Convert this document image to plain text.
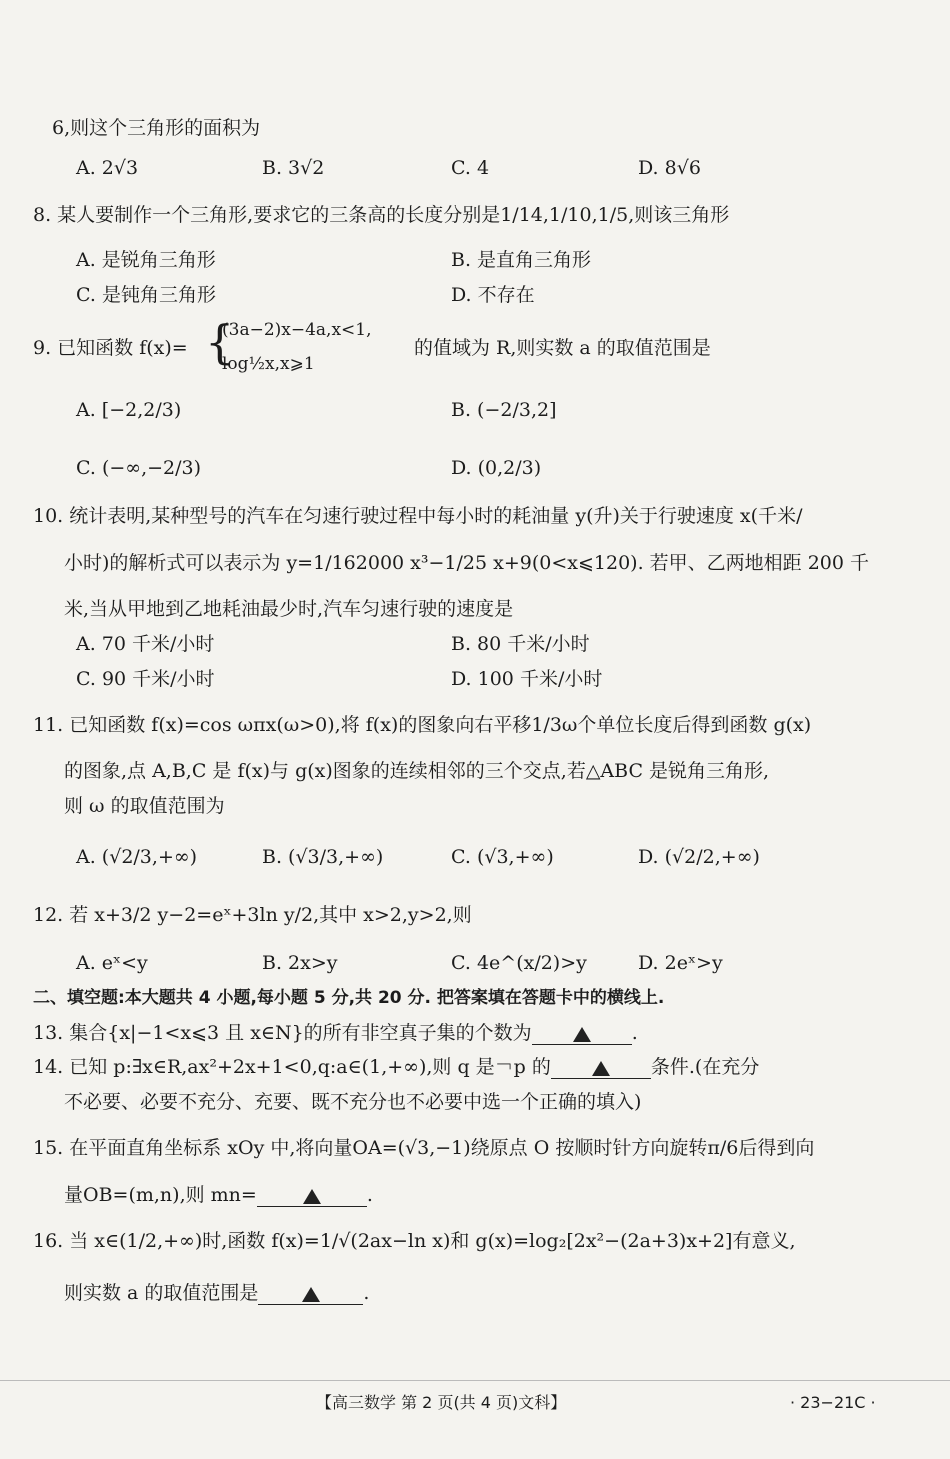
6,则这个三角形的面积为
A. 2√3	B. 3√2	C. 4	D. 8√6
8. 某人要制作一个三角形,要求它的三条高的长度分别是1/14,1/10,1/5,则该三角形
A. 是锐角三角形	B. 是直角三角形
C. 是钝角三角形	D. 不存在
9. 已知函数 f(x)= {
(3a−2)x−4a,x<1,
log½x,x⩾1
的值域为 R,则实数 a 的取值范围是
A. [−2,2/3)	B. (−2/3,2]
C. (−∞,−2/3)	D. (0,2/3)
10. 统计表明,某种型号的汽车在匀速行驶过程中每小时的耗油量 y(升)关于行驶速度 x(千米/
小时)的解析式可以表示为 y=1/162000 x³−1/25 x+9(0<x⩽120). 若甲、乙两地相距 200 千
米,当从甲地到乙地耗油最少时,汽车匀速行驶的速度是
A. 70 千米/小时	B. 80 千米/小时
C. 90 千米/小时	D. 100 千米/小时
11. 已知函数 f(x)=cos ωπx(ω>0),将 f(x)的图象向右平移1/3ω个单位长度后得到函数 g(x)
的图象,点 A,B,C 是 f(x)与 g(x)图象的连续相邻的三个交点,若△ABC 是锐角三角形,
则 ω 的取值范围为
A. (√2/3,+∞)	B. (√3/3,+∞)	C. (√3,+∞)	D. (√2/2,+∞)
12. 若 x+3/2 y−2=eˣ+3ln y/2,其中 x>2,y>2,则
A. eˣ<y	B. 2x>y	C. 4e^(x/2)>y	D. 2eˣ>y
二、填空题:本大题共 4 小题,每小题 5 分,共 20 分. 把答案填在答题卡中的横线上.
13. 集合{x|−1<x⩽3 且 x∈N}的所有非空真子集的个数为	.
14. 已知 p:∃x∈R,ax²+2x+1<0,q:a∈(1,+∞),则 q 是￢p 的	条件.(在充分
不必要、必要不充分、充要、既不充分也不必要中选一个正确的填入)
15. 在平面直角坐标系 xOy 中,将向量OA=(√3,−1)绕原点 O 按顺时针方向旋转π/6后得到向
量OB=(m,n),则 mn=	.
16. 当 x∈(1/2,+∞)时,函数 f(x)=1/√(2ax−ln x)和 g(x)=log₂[2x²−(2a+3)x+2]有意义,
则实数 a 的取值范围是	.
【高三数学 第 2 页(共 4 页)文科】	· 23−21C ·
